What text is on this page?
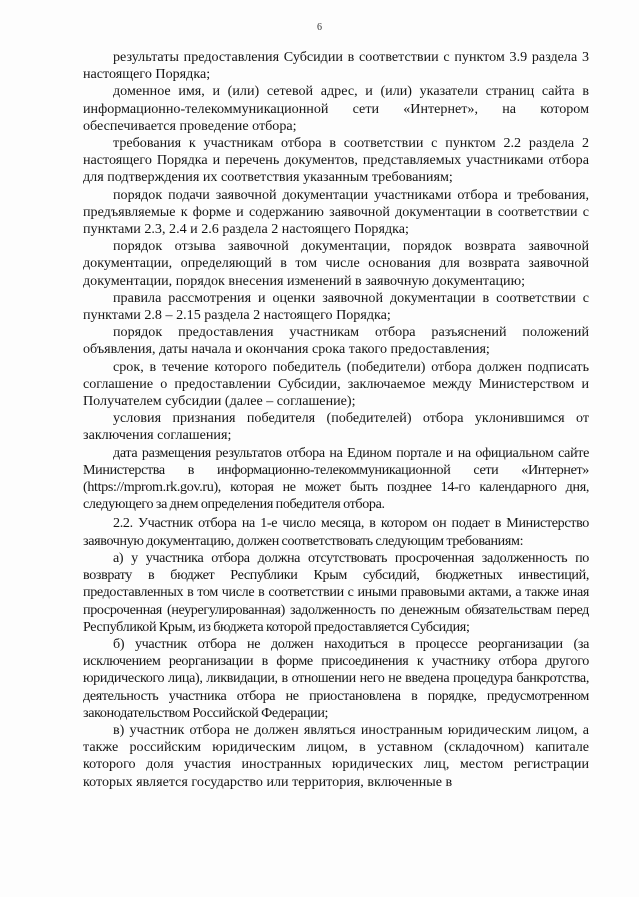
6

результаты предоставления Субсидии в соответствии с пунктом 3.9 раздела 3 настоящего Порядка;

доменное имя, и (или) сетевой адрес, и (или) указатели страниц сайта в информационно-телекоммуникационной сети «Интернет», на котором обеспечивается проведение отбора;

требования к участникам отбора в соответствии с пунктом 2.2 раздела 2 настоящего Порядка и перечень документов, представляемых участниками отбора для подтверждения их соответствия указанным требованиям;

порядок подачи заявочной документации участниками отбора и требования, предъявляемые к форме и содержанию заявочной документации в соответствии с пунктами 2.3, 2.4 и 2.6 раздела 2 настоящего Порядка;

порядок отзыва заявочной документации, порядок возврата заявочной документации, определяющий в том числе основания для возврата заявочной документации, порядок внесения изменений в заявочную документацию;

правила рассмотрения и оценки заявочной документации в соответствии с пунктами 2.8 – 2.15 раздела 2 настоящего Порядка;

порядок предоставления участникам отбора разъяснений положений объявления, даты начала и окончания срока такого предоставления;

срок, в течение которого победитель (победители) отбора должен подписать соглашение о предоставлении Субсидии, заключаемое между Министерством и Получателем субсидии (далее – соглашение);

условия признания победителя (победителей) отбора уклонившимся от заключения соглашения;

дата размещения результатов отбора на Едином портале и на официальном сайте Министерства в информационно-телекоммуникационной сети «Интернет» (https://mprom.rk.gov.ru), которая не может быть позднее 14-го календарного дня, следующего за днем определения победителя отбора.

2.2. Участник отбора на 1-е число месяца, в котором он подает в Министерство заявочную документацию, должен соответствовать следующим требованиям:

а) у участника отбора должна отсутствовать просроченная задолженность по возврату в бюджет Республики Крым субсидий, бюджетных инвестиций, предоставленных в том числе в соответствии с иными правовыми актами, а также иная просроченная (неурегулированная) задолженность по денежным обязательствам перед Республикой Крым, из бюджета которой предоставляется Субсидия;

б) участник отбора не должен находиться в процессе реорганизации (за исключением реорганизации в форме присоединения к участнику отбора другого юридического лица), ликвидации, в отношении него не введена процедура банкротства, деятельность участника отбора не приостановлена в порядке, предусмотренном законодательством Российской Федерации;

в) участник отбора не должен являться иностранным юридическим лицом, а также российским юридическим лицом, в уставном (складочном) капитале которого доля участия иностранных юридических лиц, местом регистрации которых является государство или территория, включенные в
